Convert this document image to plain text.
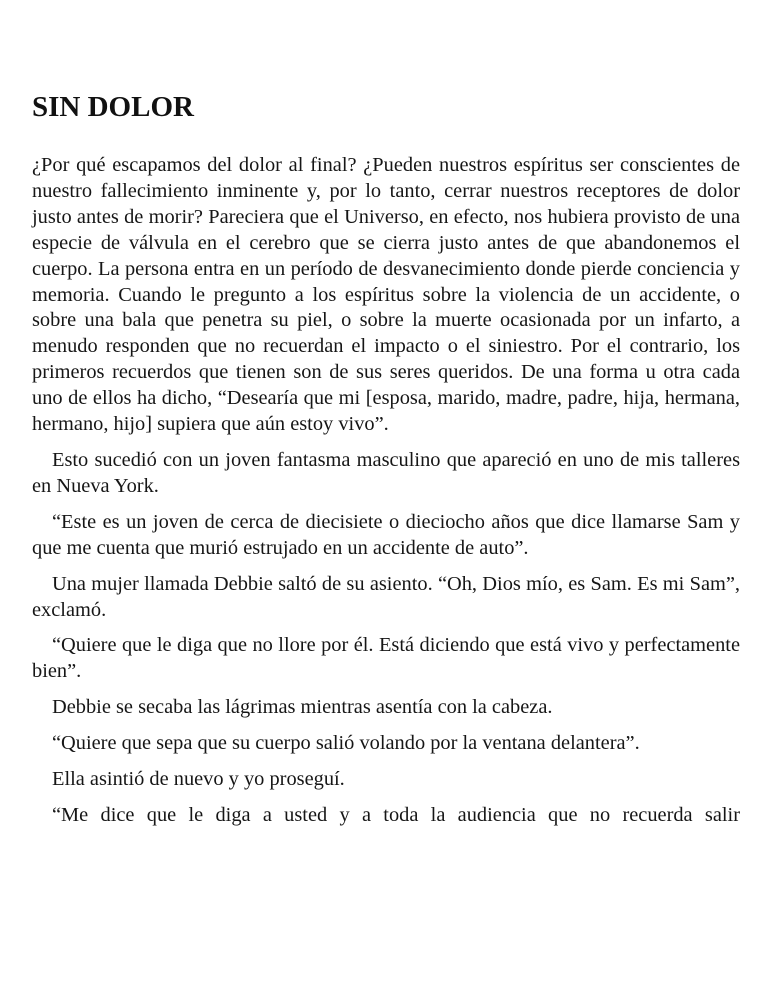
SIN DOLOR

¿Por qué escapamos del dolor al final? ¿Pueden nuestros espíritus ser conscientes de nuestro fallecimiento inminente y, por lo tanto, cerrar nuestros receptores de dolor justo antes de morir? Pareciera que el Universo, en efecto, nos hubiera provisto de una especie de válvula en el cerebro que se cierra justo antes de que abandonemos el cuerpo. La persona entra en un período de desvanecimiento donde pierde conciencia y memoria. Cuando le pregunto a los espíritus sobre la violencia de un accidente, o sobre una bala que penetra su piel, o sobre la muerte ocasionada por un infarto, a menudo responden que no recuerdan el impacto o el siniestro. Por el contrario, los primeros recuerdos que tienen son de sus seres queridos. De una forma u otra cada uno de ellos ha dicho, “Desearía que mi [esposa, marido, madre, padre, hija, hermana, hermano, hijo] supiera que aún estoy vivo”.

Esto sucedió con un joven fantasma masculino que apareció en uno de mis talleres en Nueva York.

“Este es un joven de cerca de diecisiete o dieciocho años que dice llamarse Sam y que me cuenta que murió estrujado en un accidente de auto”.

Una mujer llamada Debbie saltó de su asiento. “Oh, Dios mío, es Sam. Es mi Sam”, exclamó.

“Quiere que le diga que no llore por él. Está diciendo que está vivo y perfectamente bien”.

Debbie se secaba las lágrimas mientras asentía con la cabeza.

“Quiere que sepa que su cuerpo salió volando por la ventana delantera”.

Ella asintió de nuevo y yo proseguí.

“Me dice que le diga a usted y a toda la audiencia que no recuerda salir
